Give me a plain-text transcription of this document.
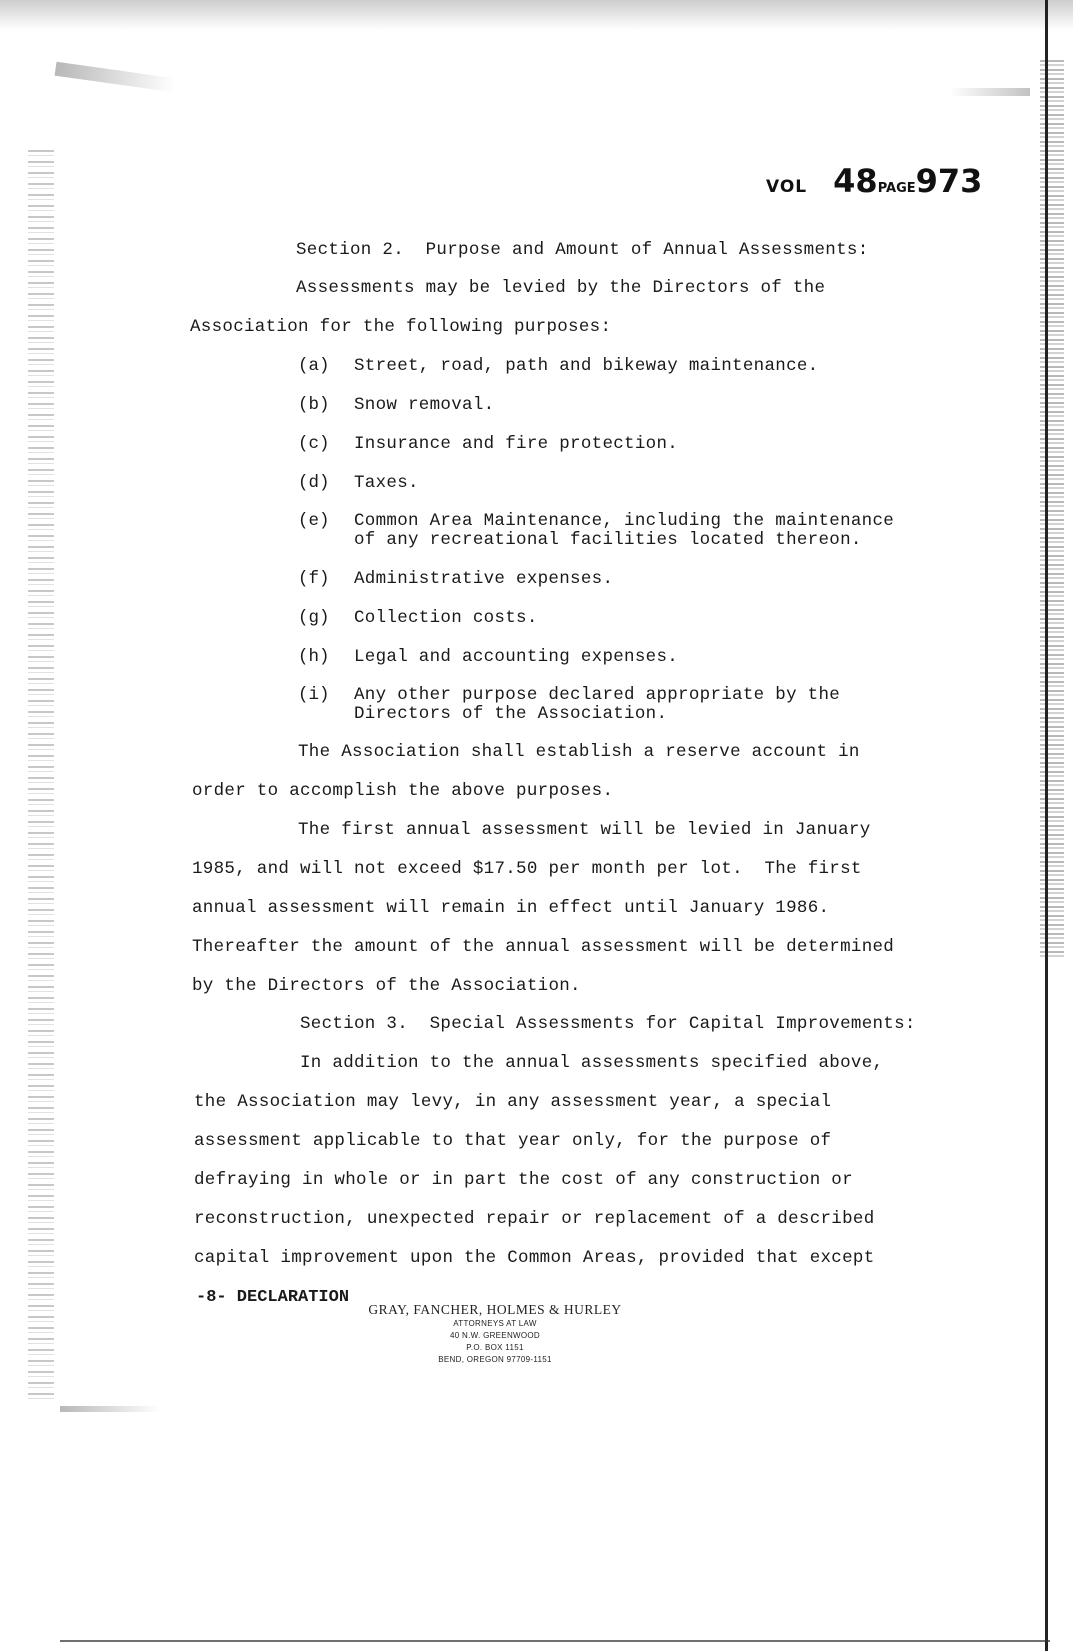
VOL 48PAGE973
Section 2.  Purpose and Amount of Annual Assessments:
Assessments may be levied by the Directors of the
Association for the following purposes:
(a) Street, road, path and bikeway maintenance.
(b) Snow removal.
(c) Insurance and fire protection.
(d) Taxes.
(e) Common Area Maintenance, including the maintenance
of any recreational facilities located thereon.
(f) Administrative expenses.
(g) Collection costs.
(h) Legal and accounting expenses.
(i) Any other purpose declared appropriate by the
Directors of the Association.
The Association shall establish a reserve account in
order to accomplish the above purposes.
The first annual assessment will be levied in January
1985, and will not exceed $17.50 per month per lot.  The first
annual assessment will remain in effect until January 1986.
Thereafter the amount of the annual assessment will be determined
by the Directors of the Association.
Section 3.  Special Assessments for Capital Improvements:
In addition to the annual assessments specified above,
the Association may levy, in any assessment year, a special
assessment applicable to that year only, for the purpose of
defraying in whole or in part the cost of any construction or
reconstruction, unexpected repair or replacement of a described
capital improvement upon the Common Areas, provided that except
-8- DECLARATION
GRAY, FANCHER, HOLMES & HURLEY
ATTORNEYS AT LAW
40 N.W. GREENWOOD
P.O. BOX 1151
BEND, OREGON 97709-1151
